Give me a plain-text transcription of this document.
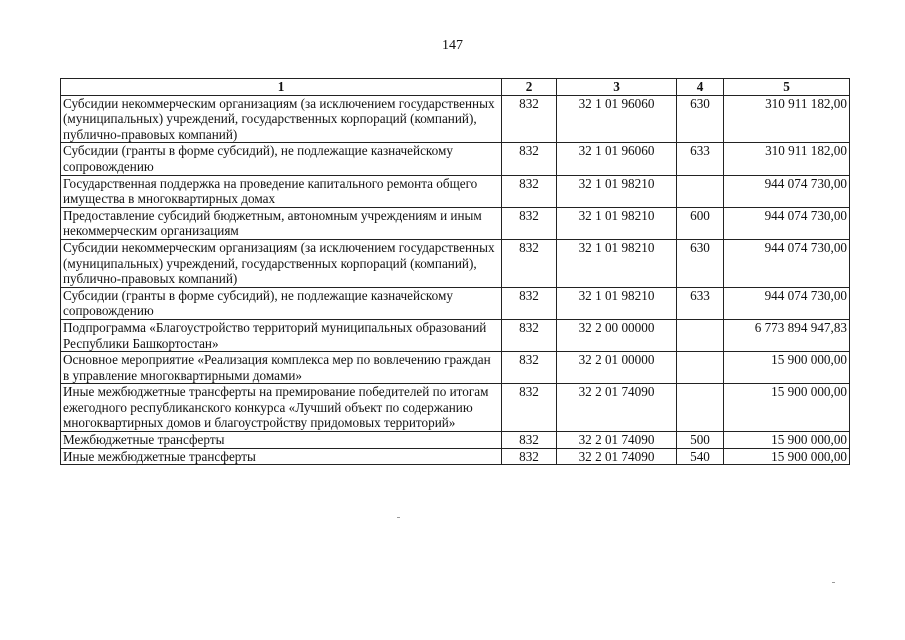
147
1	2	3	4	5
Субсидии некоммерческим организациям (за исключением государственных (муниципальных) учреждений, государственных корпораций (компаний), публично-правовых компаний)	832	32 1 01 96060	630	310 911 182,00
Субсидии (гранты в форме субсидий), не подлежащие казначейскому сопровождению	832	32 1 01 96060	633	310 911 182,00
Государственная поддержка на проведение капитального ремонта общего имущества в многоквартирных домах	832	32 1 01 98210		944 074 730,00
Предоставление субсидий бюджетным, автономным учреждениям и иным некоммерческим организациям	832	32 1 01 98210	600	944 074 730,00
Субсидии некоммерческим организациям (за исключением государственных (муниципальных) учреждений, государственных корпораций (компаний), публично-правовых компаний)	832	32 1 01 98210	630	944 074 730,00
Субсидии (гранты в форме субсидий), не подлежащие казначейскому сопровождению	832	32 1 01 98210	633	944 074 730,00
Подпрограмма «Благоустройство территорий муниципальных образований Республики Башкортостан»	832	32 2 00 00000		6 773 894 947,83
Основное мероприятие «Реализация комплекса мер по вовлечению граждан в управление многоквартирными домами»	832	32 2 01 00000		15 900 000,00
Иные межбюджетные трансферты на премирование победителей по итогам ежегодного республиканского конкурса «Лучший объект по содержанию многоквартирных домов и благоустройству придомовых территорий»	832	32 2 01 74090		15 900 000,00
Межбюджетные трансферты	832	32 2 01 74090	500	15 900 000,00
Иные межбюджетные трансферты	832	32 2 01 74090	540	15 900 000,00
